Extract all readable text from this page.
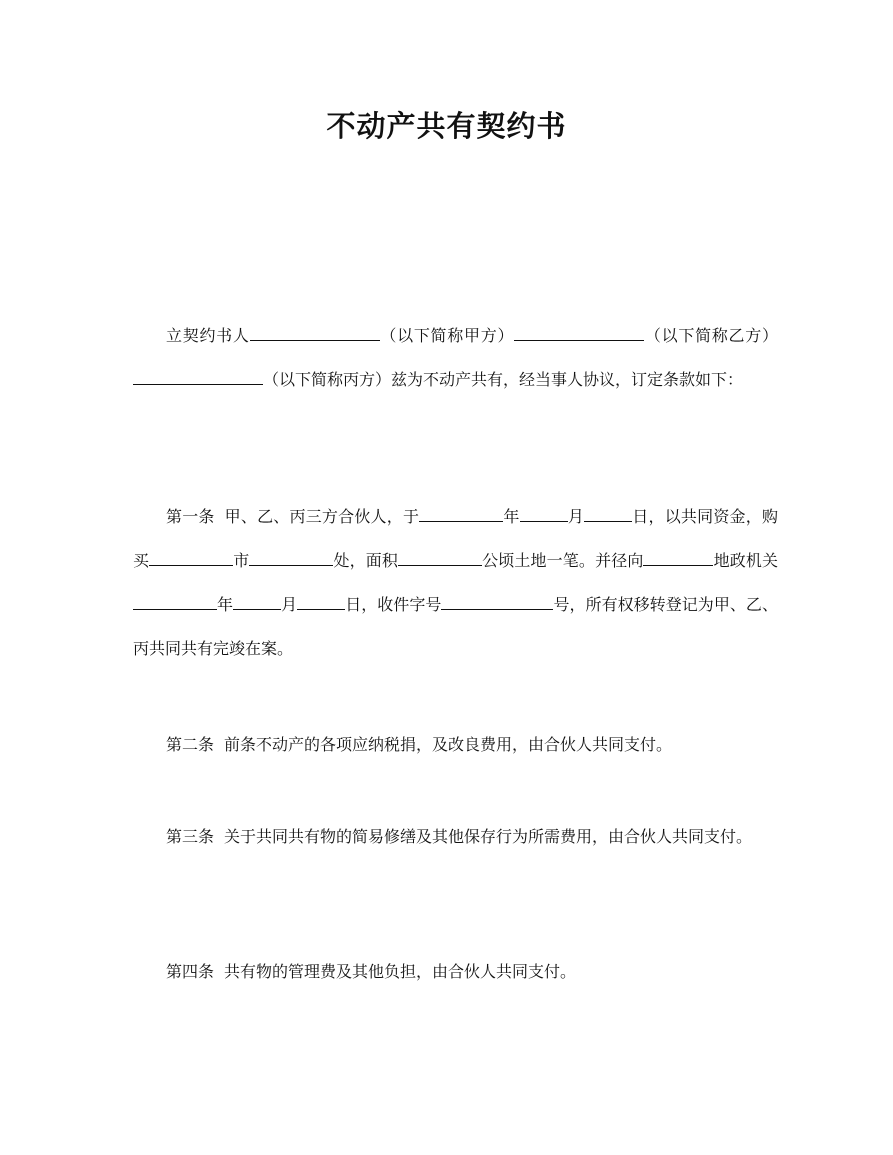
不动产共有契约书

立契约书人	（以下简称甲方）	（以下简称乙方）（以下简称丙方）兹为不动产共有，经当事人协议，订定条款如下：

第一条 甲、乙、丙三方合伙人，于	年	月	日，以共同资金，购买	市	处，面积	公顷土地一笔。并径向	地政机关年	月	日，收件字号	号，所有权移转登记为甲、乙、丙共同共有完竣在案。

第二条 前条不动产的各项应纳税捐，及改良费用，由合伙人共同支付。

第三条 关于共同共有物的简易修缮及其他保存行为所需费用，由合伙人共同支付。

第四条 共有物的管理费及其他负担，由合伙人共同支付。
